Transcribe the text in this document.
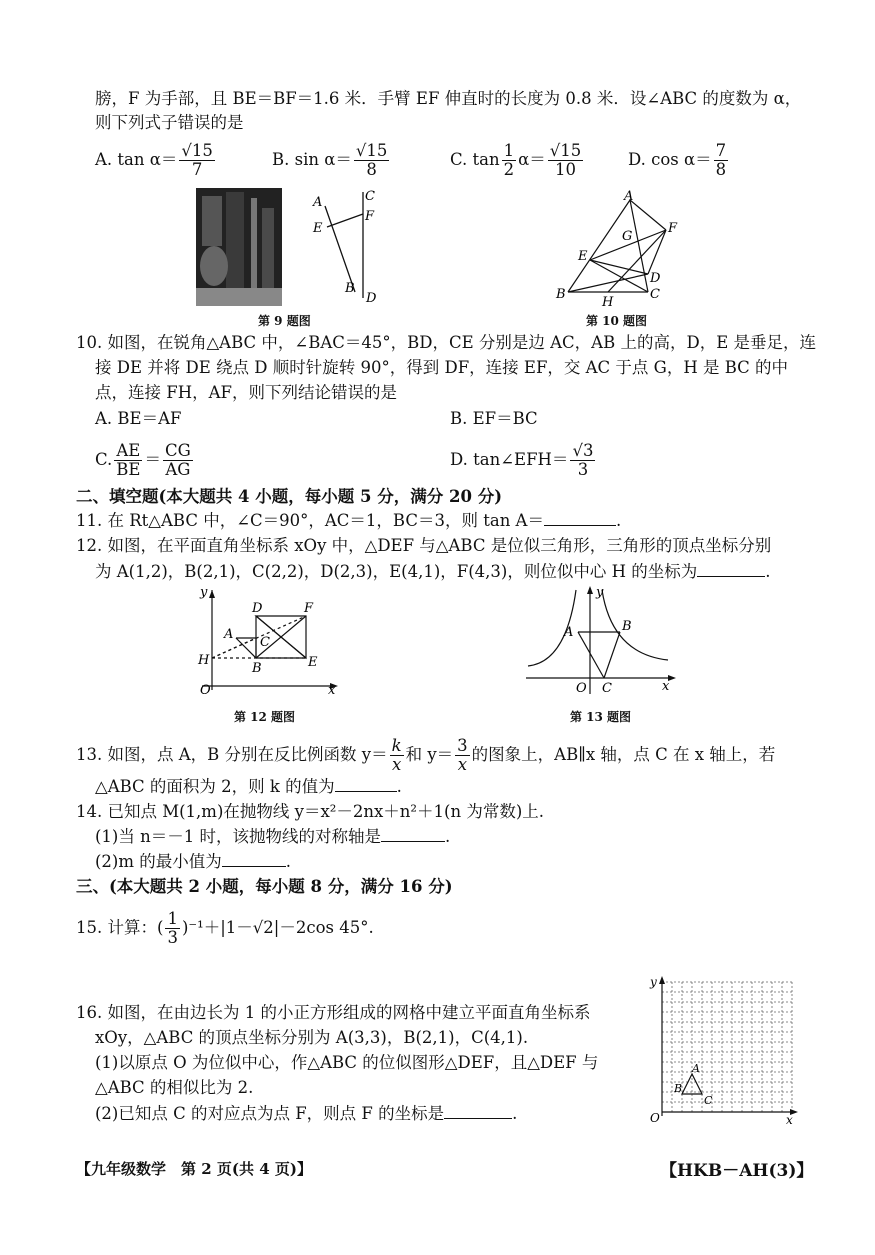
膀，F 为手部，且 BE＝BF＝1.6 米．手臂 EF 伸直时的长度为 0.8 米．设∠ABC 的度数为 α，
则下列式子错误的是
A. $\tan \alpha= \frac{√15}{7}$	B. $\sin \alpha= \frac{√15}{8}$	C. $\tan \frac{1}{2} \alpha= \frac{√15}{10}$	D. $\cos \alpha= \frac{7}{8}$
A
E
C
F
B
D
第 9 题图
A
G
F
E
D
B
H
C
第 10 题图
10. 如图，在锐角△ABC 中，∠BAC＝45°，BD，CE 分别是边 AC，AB 上的高，D，E 是垂足，连
接 DE 并将 DE 绕点 D 顺时针旋转 90°，得到 DF，连接 EF，交 AC 于点 G，H 是 BC 的中
点，连接 FH，AF，则下列结论错误的是
A. BE＝AF	B. EF＝BC
C. $\frac{AE}{BE} = \frac{CG}{AG}$	D. tan∠EFH＝ $\frac{√3}{3}$
二、填空题(本大题共 4 小题，每小题 5 分，满分 20 分)
11. 在 Rt△ABC 中，∠C＝90°，AC＝1，BC＝3，则 tan A＝	.
12. 如图，在平面直角坐标系 xOy 中，△DEF 与△ABC 是位似三角形，三角形的顶点坐标分别
为 A(1,2)，B(2,1)，C(2,2)，D(2,3)，E(4,1)，F(4,3)，则位似中心 H 的坐标为	.
y
D	F
A
C
H
B	E
O	x
第 12 题图
y
A	B
O C	x
第 13 题图
13. 如图，点 A，B 分别在反比例函数 $y= \frac{k}{x}$ 和 $y= \frac{3}{x}$ 的图象上，AB∥x 轴，点 C 在 x 轴上，若
△ABC 的面积为 2，则 k 的值为	.
14. 已知点 M(1,m)在抛物线 y＝x²－2nx＋n²＋1(n 为常数)上.
(1)当 n＝－1 时，该抛物线的对称轴是	.
(2)m 的最小值为	.
三、(本大题共 2 小题，每小题 8 分，满分 16 分)
15. 计算：( $\frac{1}{3} )^{-1}+|1-√2|-2\cos$ 45°.
16. 如图，在由边长为 1 的小正方形组成的网格中建立平面直角坐标系
xOy，△ABC 的顶点坐标分别为 A(3,3)，B(2,1)，C(4,1).
(1)以原点 O 为位似中心，作△ABC 的位似图形△DEF，且△DEF 与
△ABC 的相似比为 2.
(2)已知点 C 的对应点为点 F，则点 F 的坐标是	.
y
A
B
C
O	x
【九年级数学　第 2 页(共 4 页)】	【HKB－AH(3)】
